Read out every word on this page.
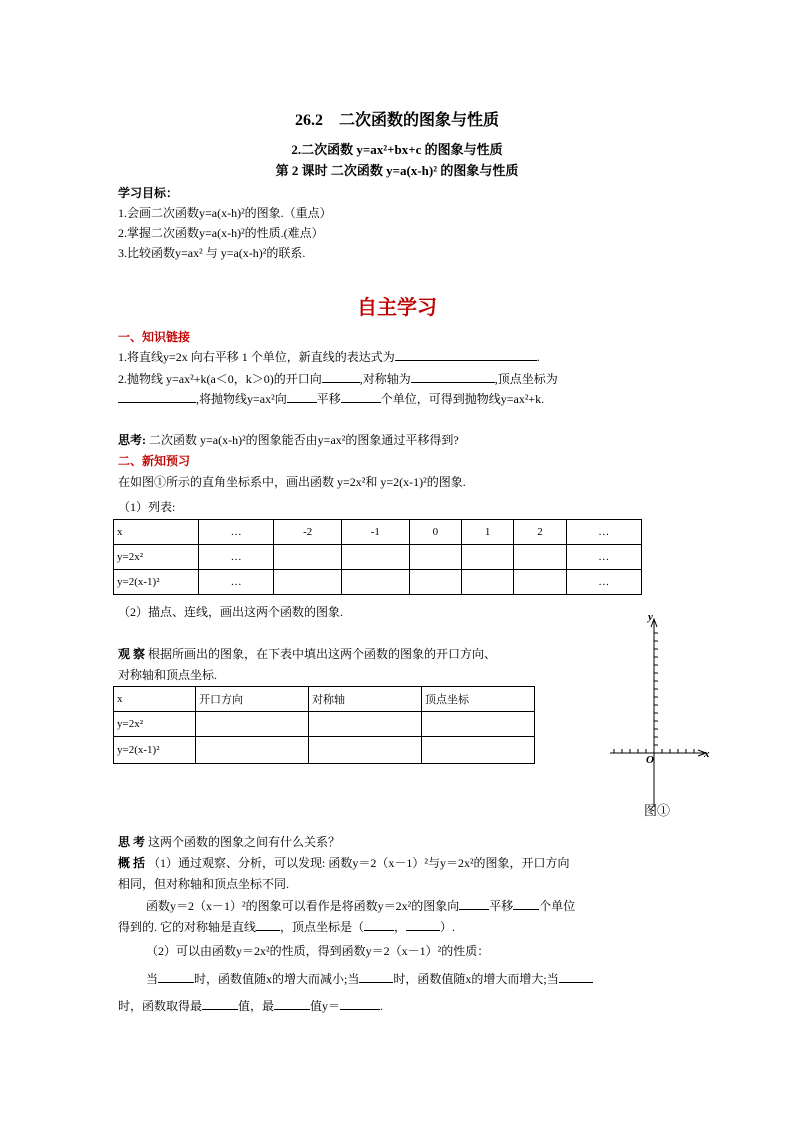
26.2　二次函数的图象与性质
2.二次函数 y=ax²+bx+c 的图象与性质
第 2 课时 二次函数 y=a(x-h)² 的图象与性质
学习目标：
1.会画二次函数y=a(x-h)²的图象.（重点）
2.掌握二次函数y=a(x-h)²的性质.(难点）
3.比较函数y=ax² 与 y=a(x-h)²的联系.
自主学习
一、知识链接
1.将直线y=2x 向右平移 1 个单位，新直线的表达式为	.
2.抛物线 y=ax²+k(a＜0，k＞0)的开口向	,对称轴为	,顶点坐标为
,将抛物线y=ax²向	平移	个单位，可得到抛物线y=ax²+k.
思考: 二次函数 y=a(x-h)²的图象能否由y=ax²的图象通过平移得到?
二、新知预习
在如图①所示的直角坐标系中，画出函数 y=2x²和 y=2(x-1)²的图象.
（1）列表:
x	…	-2	-1	0	1	2	…
y=2x²	…						…
y=2(x-1)²	…						…
（2）描点、连线，画出这两个函数的图象.
观 察 根据所画出的图象，在下表中填出这两个函数的图象的开口方向、
对称轴和顶点坐标.
x	开口方向	对称轴	顶点坐标
y=2x²			
y=2(x-1)²			
y
x
O
图①
思 考 这两个函数的图象之间有什么关系？
概 括 （1）通过观察、分析，可以发现: 函数y＝2（x－1）²与y＝2x²的图象，开口方向
相同，但对称轴和顶点坐标不同.
函数y＝2（x－1）²的图象可以看作是将函数y＝2x²的图象向	平移 个单位
得到的. 它的对称轴是直线 ，顶点坐标是（	，	）.
（2）可以由函数y＝2x²的性质，得到函数y＝2（x－1）²的性质：
当	时，函数值随x的增大而减小;当	时，函数值随x的增大而增大;当
时，函数取得最	值，最	值y＝	.
